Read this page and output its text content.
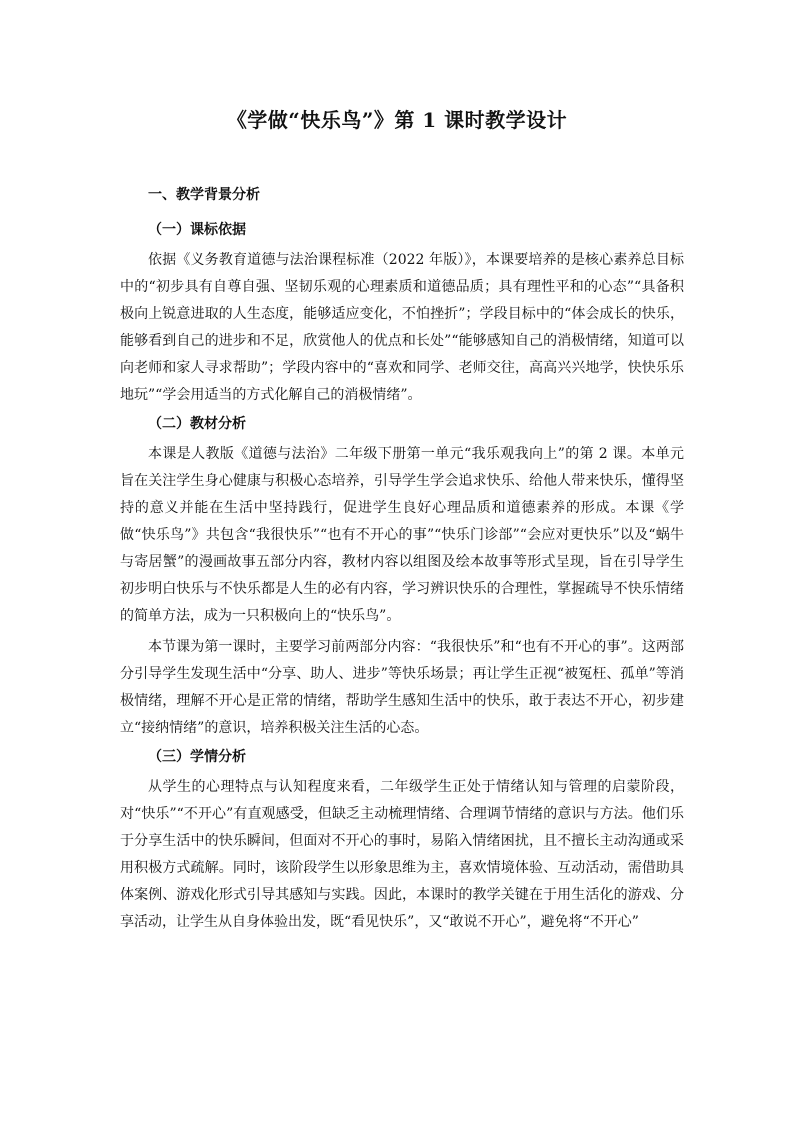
《学做“快乐鸟”》第 1 课时教学设计
一、教学背景分析
（一）课标依据
依据《义务教育道德与法治课程标准（2022 年版）》，本课要培养的是核心素养总目标中的“初步具有自尊自强、坚韧乐观的心理素质和道德品质；具有理性平和的心态”“具备积极向上锐意进取的人生态度，能够适应变化，不怕挫折”；学段目标中的“体会成长的快乐，能够看到自己的进步和不足，欣赏他人的优点和长处”“能够感知自己的消极情绪，知道可以向老师和家人寻求帮助”；学段内容中的“喜欢和同学、老师交往，高高兴兴地学，快快乐乐地玩”“学会用适当的方式化解自己的消极情绪”。
（二）教材分析
本课是人教版《道德与法治》二年级下册第一单元“我乐观我向上”的第 2 课。本单元旨在关注学生身心健康与积极心态培养，引导学生学会追求快乐、给他人带来快乐，懂得坚持的意义并能在生活中坚持践行，促进学生良好心理品质和道德素养的形成。本课《学做“快乐鸟”》共包含“我很快乐”“也有不开心的事”“快乐门诊部”“会应对更快乐”以及“蜗牛与寄居蟹”的漫画故事五部分内容，教材内容以组图及绘本故事等形式呈现，旨在引导学生初步明白快乐与不快乐都是人生的必有内容，学习辨识快乐的合理性，掌握疏导不快乐情绪的简单方法，成为一只积极向上的“快乐鸟”。
本节课为第一课时，主要学习前两部分内容：“我很快乐”和“也有不开心的事”。这两部分引导学生发现生活中“分享、助人、进步”等快乐场景；再让学生正视“被冤枉、孤单”等消极情绪，理解不开心是正常的情绪，帮助学生感知生活中的快乐，敢于表达不开心，初步建立“接纳情绪”的意识，培养积极关注生活的心态。
（三）学情分析
从学生的心理特点与认知程度来看，二年级学生正处于情绪认知与管理的启蒙阶段，对“快乐”“不开心”有直观感受，但缺乏主动梳理情绪、合理调节情绪的意识与方法。他们乐于分享生活中的快乐瞬间，但面对不开心的事时，易陷入情绪困扰，且不擅长主动沟通或采用积极方式疏解。同时，该阶段学生以形象思维为主，喜欢情境体验、互动活动，需借助具体案例、游戏化形式引导其感知与实践。因此，本课时的教学关键在于用生活化的游戏、分享活动，让学生从自身体验出发，既“看见快乐”，又“敢说不开心”，避免将“不开心”
